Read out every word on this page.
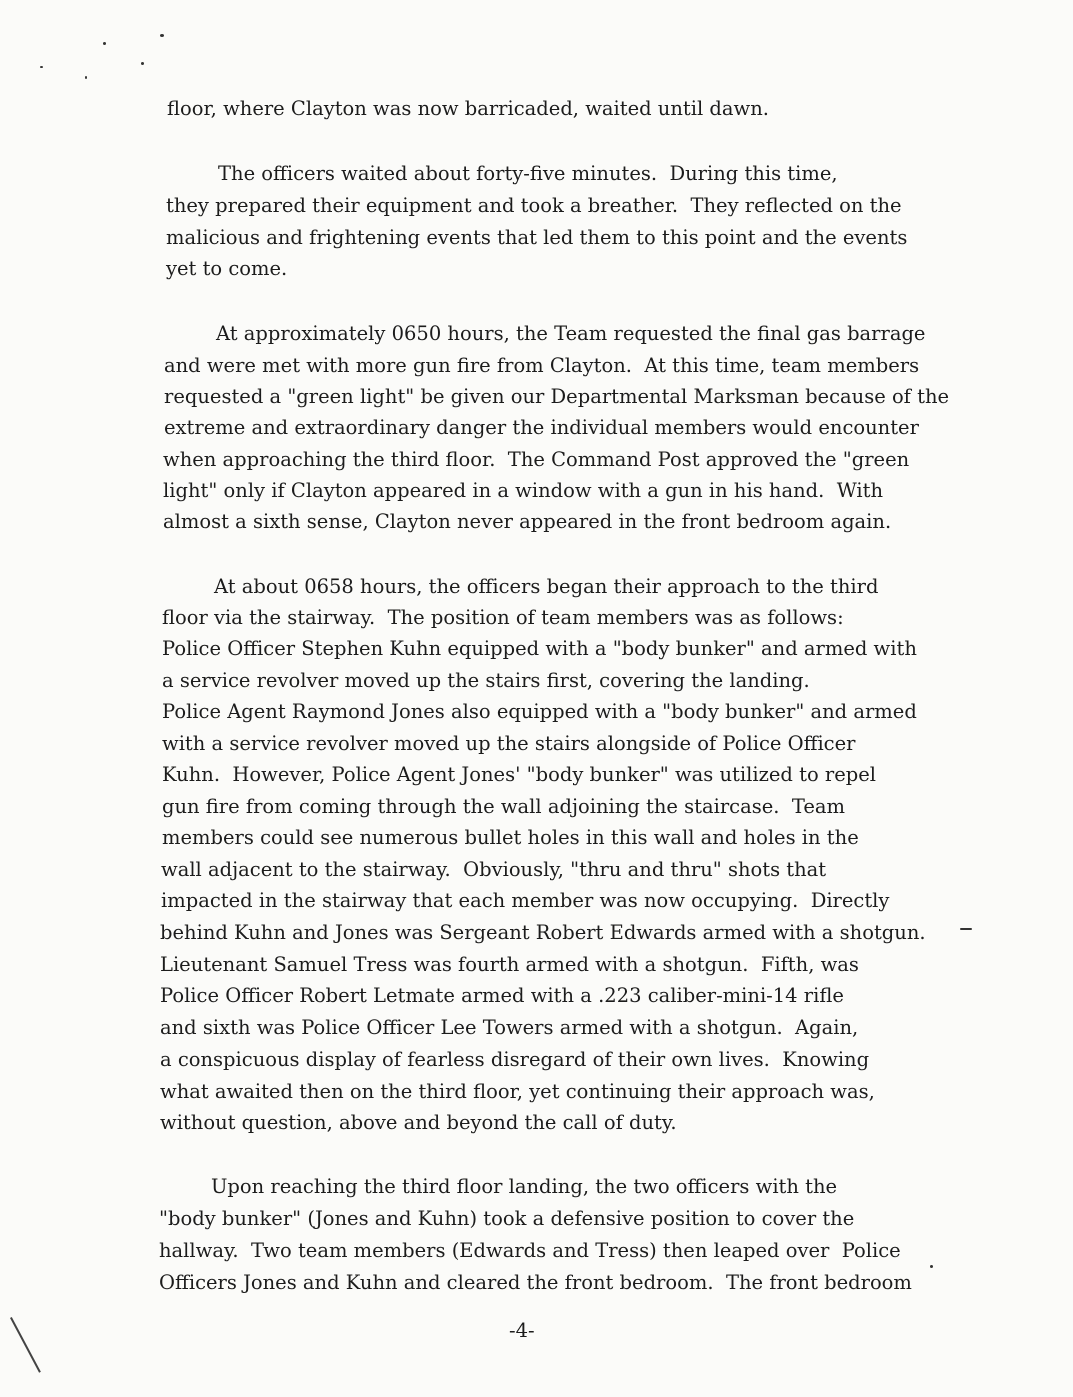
floor, where Clayton was now barricaded, waited until dawn.
The officers waited about forty-five minutes.  During this time,
they prepared their equipment and took a breather.  They reflected on the
malicious and frightening events that led them to this point and the events
yet to come.
At approximately 0650 hours, the Team requested the final gas barrage
and were met with more gun fire from Clayton.  At this time, team members
requested a "green light" be given our Departmental Marksman because of the
extreme and extraordinary danger the individual members would encounter
when approaching the third floor.  The Command Post approved the "green
light" only if Clayton appeared in a window with a gun in his hand.  With
almost a sixth sense, Clayton never appeared in the front bedroom again.
At about 0658 hours, the officers began their approach to the third
floor via the stairway.  The position of team members was as follows:
Police Officer Stephen Kuhn equipped with a "body bunker" and armed with
a service revolver moved up the stairs first, covering the landing.
Police Agent Raymond Jones also equipped with a "body bunker" and armed
with a service revolver moved up the stairs alongside of Police Officer
Kuhn.  However, Police Agent Jones' "body bunker" was utilized to repel
gun fire from coming through the wall adjoining the staircase.  Team
members could see numerous bullet holes in this wall and holes in the
wall adjacent to the stairway.  Obviously, "thru and thru" shots that
impacted in the stairway that each member was now occupying.  Directly
behind Kuhn and Jones was Sergeant Robert Edwards armed with a shotgun.
Lieutenant Samuel Tress was fourth armed with a shotgun.  Fifth, was
Police Officer Robert Letmate armed with a .223 caliber-mini-14 rifle
and sixth was Police Officer Lee Towers armed with a shotgun.  Again,
a conspicuous display of fearless disregard of their own lives.  Knowing
what awaited then on the third floor, yet continuing their approach was,
without question, above and beyond the call of duty.
Upon reaching the third floor landing, the two officers with the
"body bunker" (Jones and Kuhn) took a defensive position to cover the
hallway.  Two team members (Edwards and Tress) then leaped over  Police
Officers Jones and Kuhn and cleared the front bedroom.  The front bedroom
-4-
